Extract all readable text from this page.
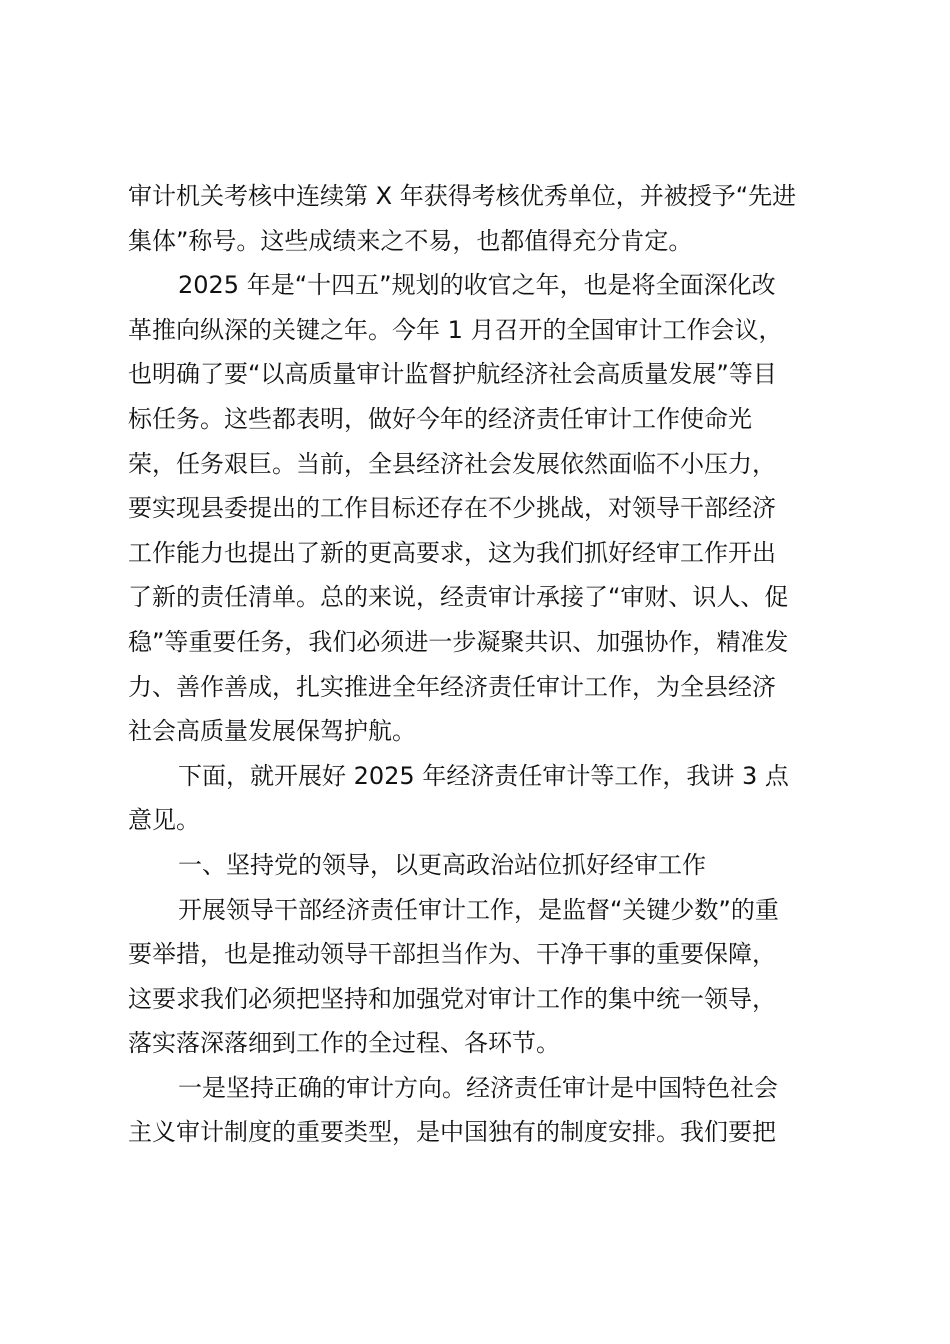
审计机关考核中连续第 X 年获得考核优秀单位，并被授予“先进
集体”称号。这些成绩来之不易，也都值得充分肯定。
2025 年是“十四五”规划的收官之年，也是将全面深化改
革推向纵深的关键之年。今年 1 月召开的全国审计工作会议，
也明确了要“以高质量审计监督护航经济社会高质量发展”等目
标任务。这些都表明，做好今年的经济责任审计工作使命光
荣，任务艰巨。当前，全县经济社会发展依然面临不小压力，
要实现县委提出的工作目标还存在不少挑战，对领导干部经济
工作能力也提出了新的更高要求，这为我们抓好经审工作开出
了新的责任清单。总的来说，经责审计承接了“审财、识人、促
稳”等重要任务，我们必须进一步凝聚共识、加强协作，精准发
力、善作善成，扎实推进全年经济责任审计工作，为全县经济
社会高质量发展保驾护航。
下面，就开展好 2025 年经济责任审计等工作，我讲 3 点
意见。
一、坚持党的领导，以更高政治站位抓好经审工作
开展领导干部经济责任审计工作，是监督“关键少数”的重
要举措，也是推动领导干部担当作为、干净干事的重要保障，
这要求我们必须把坚持和加强党对审计工作的集中统一领导，
落实落深落细到工作的全过程、各环节。
一是坚持正确的审计方向。经济责任审计是中国特色社会
主义审计制度的重要类型，是中国独有的制度安排。我们要把
